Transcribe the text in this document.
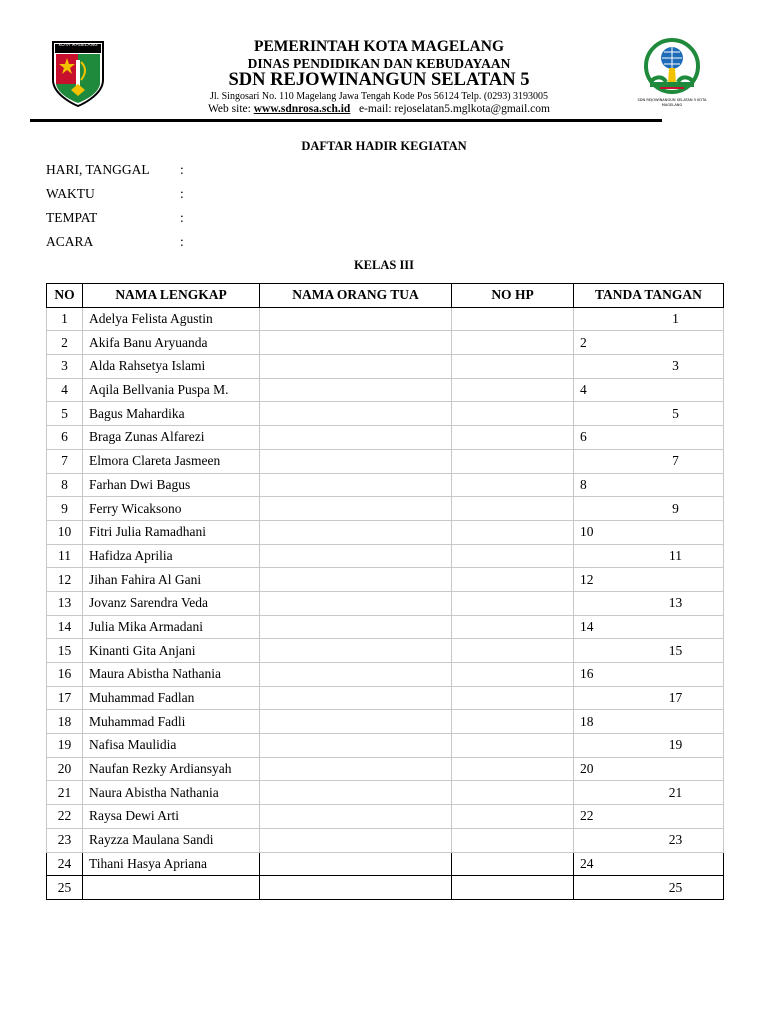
KOTA MAGELANG	PEMERINTAH KOTA MAGELANG
DINAS PENDIDIKAN DAN KEBUDAYAAN
SDN REJOWINANGUN SELATAN 5
Jl. Singosari No. 110 Magelang Jawa Tengah Kode Pos 56124 Telp. (0293) 3193005
Web site: www.sdnrosa.sch.id e-mail: rejoselatan5.mglkota@gmail.com
SDN REJOWINANGUN SELATAN 5 KOTA MAGELANG
DAFTAR HADIR KEGIATAN
HARI, TANGGAL :
WAKTU	:
TEMPAT	:
ACARA	:
KELAS III
NO	NAMA LENGKAP	NAMA ORANG TUA	NO HP	TANDA TANGAN
1	Adelya Felista Agustin			1
2	Akifa Banu Aryuanda			2
3	Alda Rahsetya Islami			3
4	Aqila Bellvania Puspa M.			4
5	Bagus Mahardika			5
6	Braga Zunas Alfarezi			6
7	Elmora Clareta Jasmeen			7
8	Farhan Dwi Bagus			8
9	Ferry Wicaksono			9
10	Fitri Julia Ramadhani			10
11	Hafidza Aprilia			11
12	Jihan Fahira Al Gani			12
13	Jovanz Sarendra Veda			13
14	Julia Mika Armadani			14
15	Kinanti Gita Anjani			15
16	Maura Abistha Nathania			16
17	Muhammad Fadlan			17
18	Muhammad Fadli			18
19	Nafisa Maulidia			19
20	Naufan Rezky Ardiansyah			20
21	Naura Abistha Nathania			21
22	Raysa Dewi Arti			22
23	Rayzza Maulana Sandi			23
24	Tihani Hasya Apriana			24
25				25
